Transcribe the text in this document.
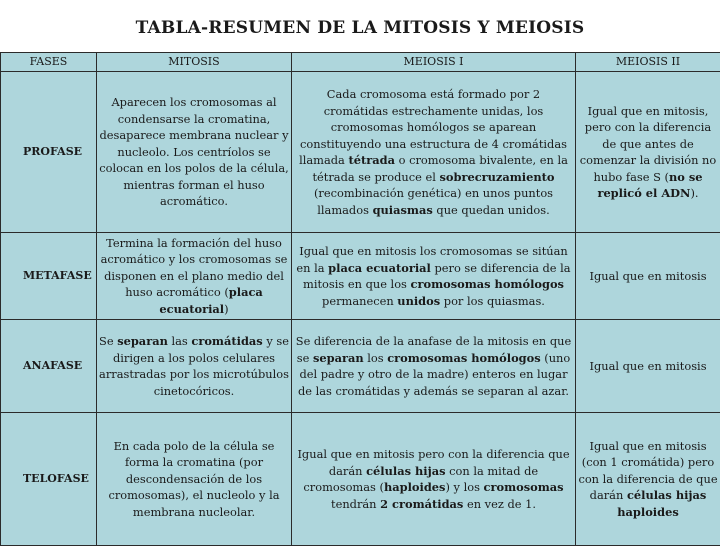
TABLA-RESUMEN DE LA MITOSIS Y MEIOSIS
FASES	MITOSIS	MEIOSIS I	MEIOSIS II
PROFASE	Aparecen los cromosomas al condensarse la cromatina, desaparece membrana nuclear y nucleolo. Los centríolos se colocan en los polos de la célula, mientras forman el huso acromático.	Cada cromosoma está formado por 2 cromátidas estrechamente unidas, los cromosomas homólogos se aparean constituyendo una estructura de 4 cromátidas llamada tétrada o cromosoma bivalente, en la tétrada se produce el sobrecruzamiento (recombinación genética) en unos puntos llamados quiasmas que quedan unidos.	Igual que en mitosis, pero con la diferencia de que antes de comenzar la división no hubo fase S (no se replicó el ADN).
METAFASE	Termina la formación del huso acromático y los cromosomas se disponen en el plano medio del huso acromático (placa ecuatorial)	Igual que en mitosis los cromosomas se sitúan en la placa ecuatorial pero se diferencia de la mitosis en que los cromosomas homólogos permanecen unidos por los quiasmas.	Igual que en mitosis
ANAFASE	Se separan las cromátidas y se dirigen a los polos celulares arrastradas por los microtúbulos cinetocóricos.	Se diferencia de la anafase de la mitosis en que se separan los cromosomas homólogos (uno del padre y otro de la madre) enteros en lugar de las cromátidas y además se separan al azar.	Igual que en mitosis
TELOFASE	En cada polo de la célula se forma la cromatina (por descondensación de los cromosomas), el nucleolo y la membrana nucleolar.	Igual que en mitosis pero con la diferencia que darán células hijas con la mitad de cromosomas (haploides) y los cromosomas tendrán 2 cromátidas en vez de 1.	Igual que en mitosis (con 1 cromátida) pero con la diferencia de que darán células hijas haploides
